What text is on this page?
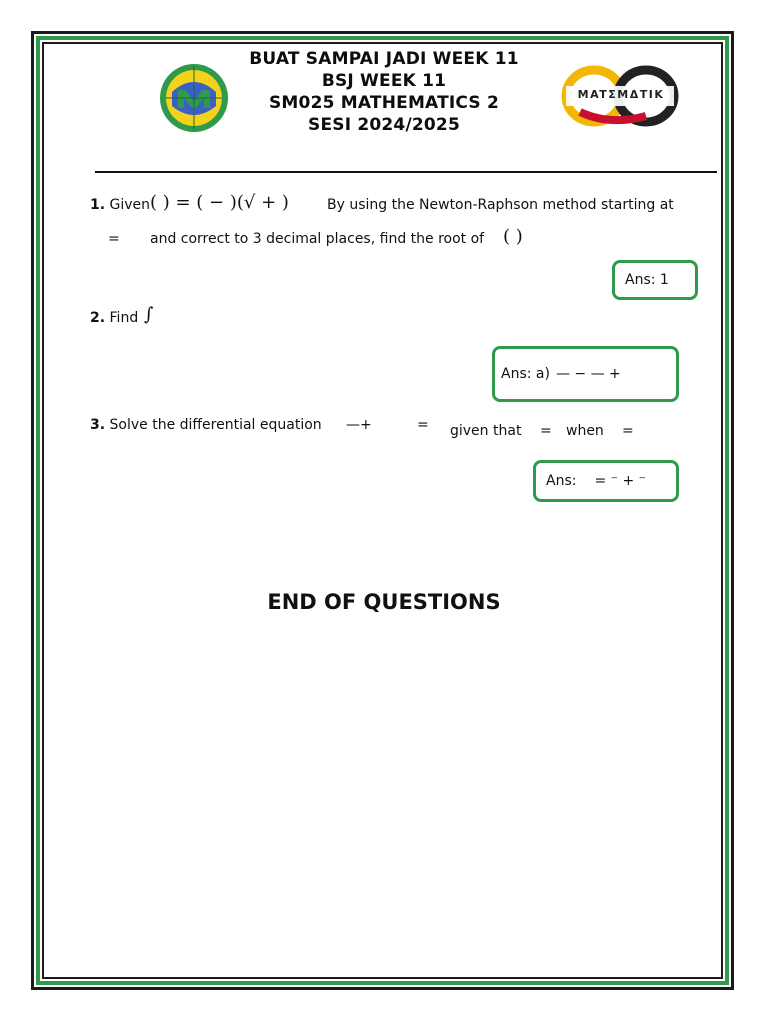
BUAT SAMPAI JADI WEEK 11
BSJ WEEK 11
SM025 MATHEMATICS 2
SESI 2024/2025
MATΣMΔTIK
1. Given ( ) = ( − )(√ + )	By using the Newton-Raphson method starting at
= and correct to 3 decimal places, find the root of ( )
Ans: 1
2. Find ∫
Ans: a) — − — +
3. Solve the differential equation —+	= given that = when =
Ans: = ⁻ + ⁻
END OF QUESTIONS
